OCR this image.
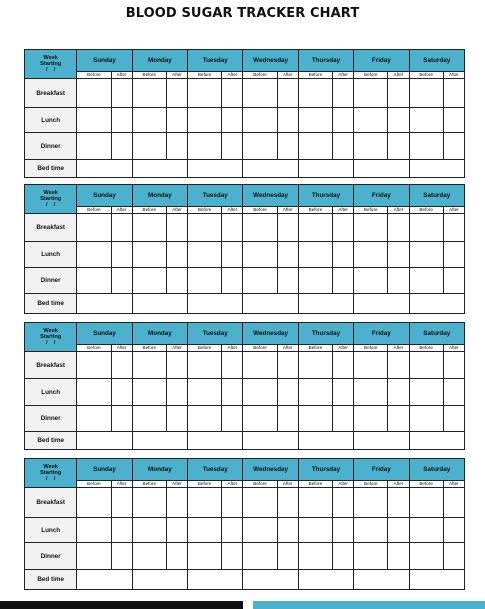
BLOOD SUGAR TRACKER CHART
Week
Starting
/    /	Sunday		Monday		Tuesday		Wednesday		Thursday		Friday		Saturday	
	Before	After	Before	After	Before	After	Before	After	Before	After	Before	After	Before	After
Breakfast														
Lunch														
Dinner														
Bed time														
Week
Starting
/    /	Sunday		Monday		Tuesday		Wednesday		Thursday		Friday		Saturday	
	Before	After	Before	After	Before	After	Before	After	Before	After	Before	After	Before	After
Breakfast														
Lunch														
Dinner														
Bed time														
Week
Starting
/    /	Sunday		Monday		Tuesday		Wednesday		Thursday		Friday		Saturday	
	Before	After	Before	After	Before	After	Before	After	Before	After	Before	After	Before	After
Breakfast														
Lunch														
Dinner														
Bed time														
Week
Starting
/    /	Sunday		Monday		Tuesday		Wednesday		Thursday		Friday		Saturday	
	Before	After	Before	After	Before	After	Before	After	Before	After	Before	After	Before	After
Breakfast														
Lunch														
Dinner														
Bed time														
